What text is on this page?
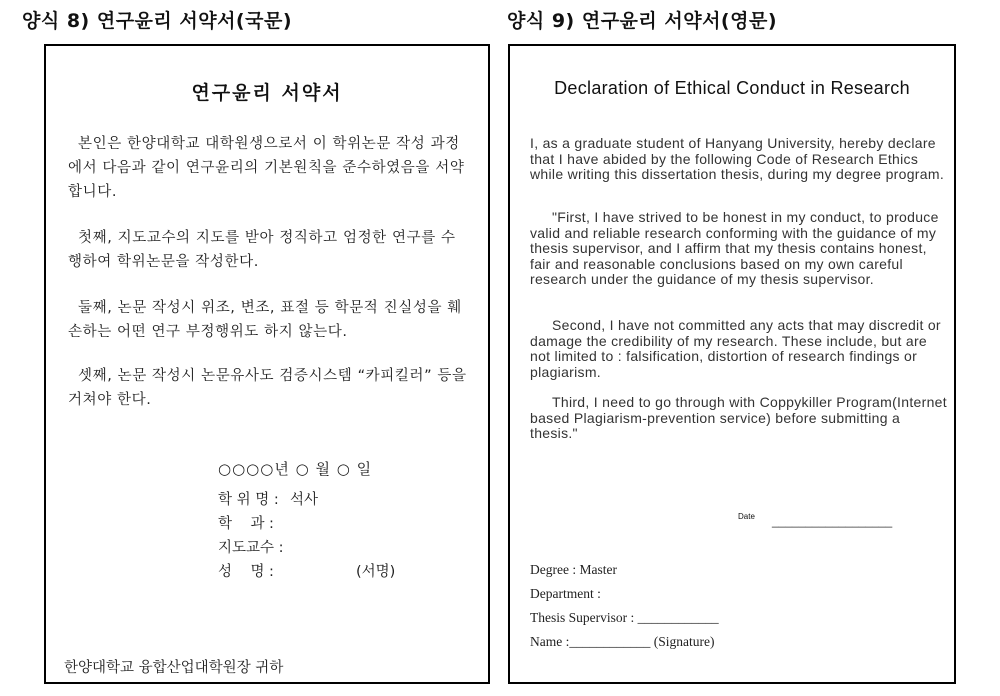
양식 8) 연구윤리 서약서(국문)	양식 9) 연구윤리 서약서(영문)
연구윤리 서약서
본인은 한양대학교 대학원생으로서 이 학위논문 작성 과정에서 다음과 같이 연구윤리의 기본원칙을 준수하였음을 서약합니다.
첫째, 지도교수의 지도를 받아 정직하고 엄정한 연구를 수행하여 학위논문을 작성한다.
둘째, 논문 작성시 위조, 변조, 표절 등 학문적 진실성을 훼손하는 어떤 연구 부정행위도 하지 않는다.
셋째, 논문 작성시 논문유사도 검증시스템 “카피킬러” 등을 거쳐야 한다.
○○○○년 ○ 월 ○ 일
학 위 명 : 석사
학    과 :
지도교수 :
성    명 :	(서명)
한양대학교 융합산업대학원장 귀하
Declaration of Ethical Conduct in Research
I, as a graduate student of Hanyang University, hereby declare that I have abided by the following Code of Research Ethics while writing this dissertation thesis, during my degree program.
"First, I have strived to be honest in my conduct, to produce valid and reliable research conforming with the guidance of my thesis supervisor, and I affirm that my thesis contains honest, fair and reasonable conclusions based on my own careful research under the guidance of my thesis supervisor.
Second, I have not committed any acts that may discredit or damage the credibility of my research. These include, but are not limited to : falsification, distortion of research findings or plagiarism.
Third, I need to go through with Coppykiller Program(Internet based Plagiarism-prevention service) before submitting a thesis."
Date __________________
Degree : Master
Department :
Thesis Supervisor : ____________
Name :____________ (Signature)
